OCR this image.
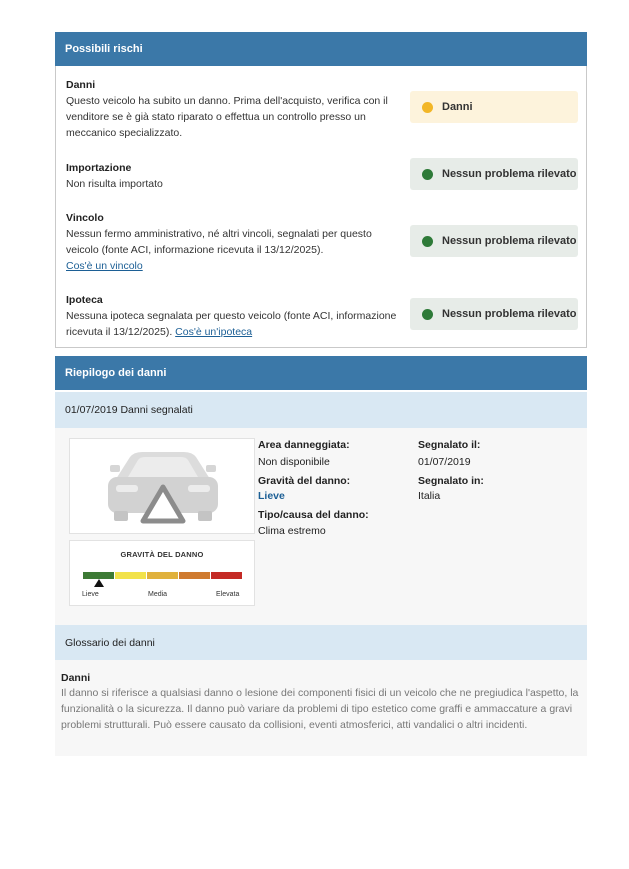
Possibili rischi
Danni
Questo veicolo ha subito un danno. Prima dell'acquisto, verifica con il venditore se è già stato riparato o effettua un controllo presso un meccanico specializzato.
Danni
Importazione
Non risulta importato
Nessun problema rilevato
Vincolo
Nessun fermo amministrativo, né altri vincoli, segnalati per questo veicolo (fonte ACI, informazione ricevuta il 13/12/2025).
Cos'è un vincolo
Nessun problema rilevato
Ipoteca
Nessuna ipoteca segnalata per questo veicolo (fonte ACI, informazione ricevuta il 13/12/2025). Cos'è un'ipoteca
Nessun problema rilevato
Riepilogo dei danni
01/07/2019 Danni segnalati
GRAVITÀ DEL DANNO
Lieve	Media	Elevata
Area danneggiata:
Non disponibile
Gravità del danno:
Lieve
Tipo/causa del danno:
Clima estremo
Segnalato il:
01/07/2019
Segnalato in:
Italia
Glossario dei danni
Danni
Il danno si riferisce a qualsiasi danno o lesione dei componenti fisici di un veicolo che ne pregiudica l'aspetto, la funzionalità o la sicurezza. Il danno può variare da problemi di tipo estetico come graffi e ammaccature a gravi problemi strutturali. Può essere causato da collisioni, eventi atmosferici, atti vandalici o altri incidenti.
